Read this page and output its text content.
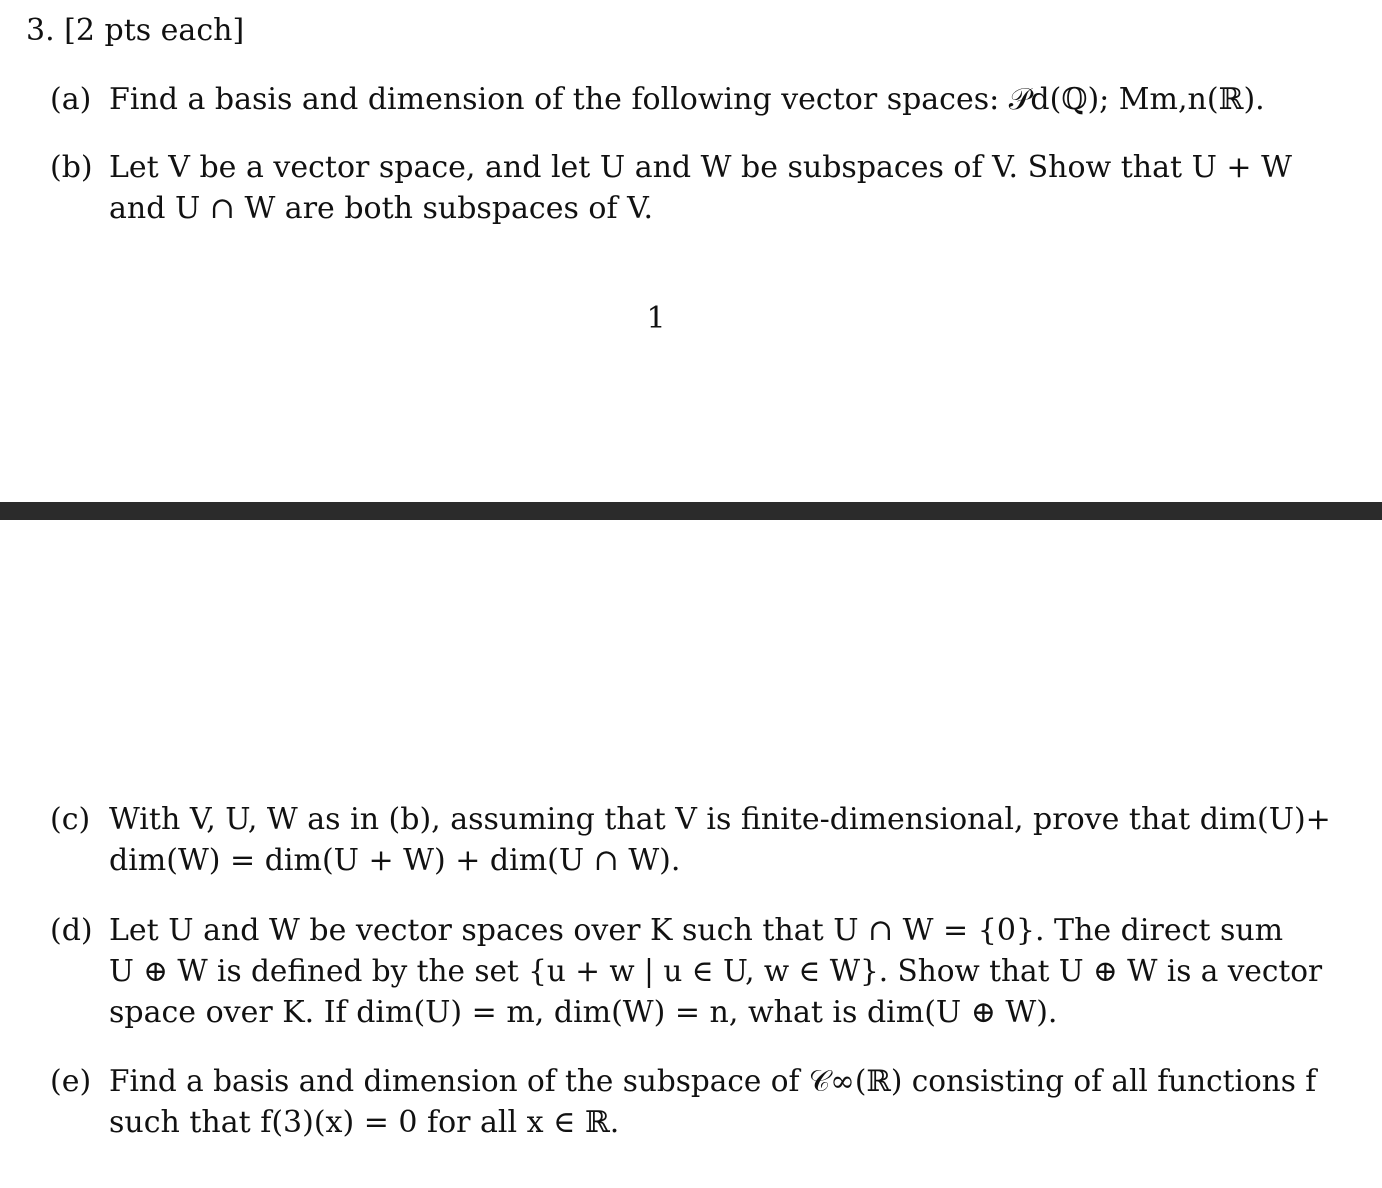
3. [2 pts each]
(a) Find a basis and dimension of the following vector spaces: 𝒫d(ℚ); Mm,n(ℝ).
(b) Let V be a vector space, and let U and W be subspaces of V. Show that U + W
and U ∩ W are both subspaces of V.
1
(c) With V, U, W as in (b), assuming that V is finite-dimensional, prove that dim(U)+
dim(W) = dim(U + W) + dim(U ∩ W).
(d) Let U and W be vector spaces over K such that U ∩ W = {0}. The direct sum
U ⊕ W is defined by the set {u + w | u ∈ U, w ∈ W}. Show that U ⊕ W is a vector
space over K. If dim(U) = m, dim(W) = n, what is dim(U ⊕ W).
(e) Find a basis and dimension of the subspace of 𝒞∞(ℝ) consisting of all functions f
such that f(3)(x) = 0 for all x ∈ ℝ.
